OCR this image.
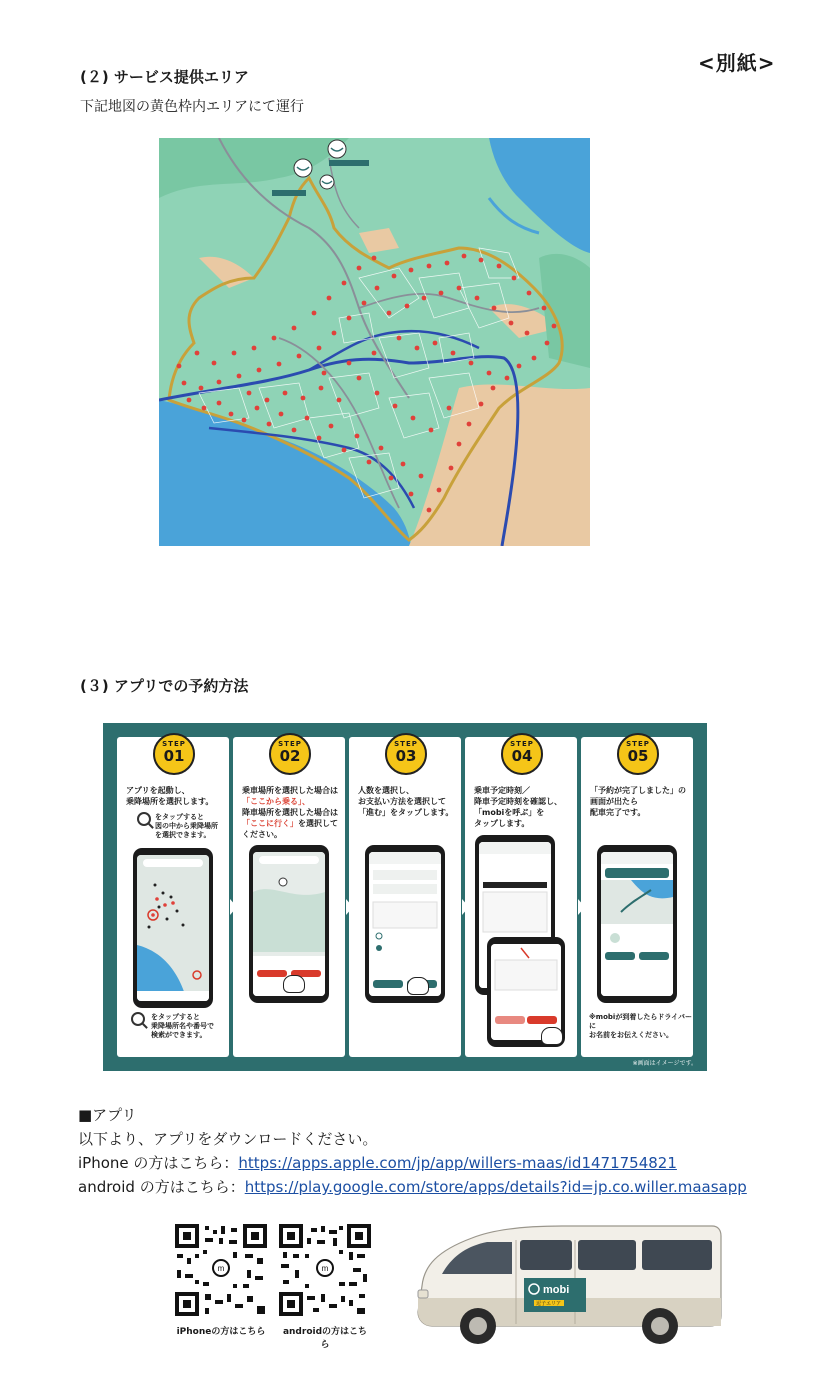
<別紙>
(２) サービス提供エリア
下記地図の黄色枠内エリアにて運行
(３) アプリでの予約方法
STEP
01
アプリを起動し、
乗降場所を選択します。
をタップすると
図の中から乗降場所
を選択できます。
をタップすると
乗降場所名や番号で
検索ができます。
STEP
02
乗車場所を選択した場合は
「ここから乗る」、
降車場所を選択した場合は
「ここに行く」を選択して
ください。
STEP
03
人数を選択し、
お支払い方法を選択して
「進む」をタップします。
STEP
04
乗車予定時刻／
降車予定時刻を確認し、
「mobiを呼ぶ」を
タップします。
STEP
05
「予約が完了しました」の
画面が出たら
配車完了です。
※mobiが到着したらドライバーに
お名前をお伝えください。
※画面はイメージです。
■アプリ
以下より、アプリをダウンロードください。
iPhone の方はこちら：https://apps.apple.com/jp/app/willers-maas/id1471754821
android の方はこちら：https://play.google.com/store/apps/details?id=jp.co.willer.maasapp
m
iPhoneの方はこちら
m
androidの方はこちら
mobi
逗子エリア
